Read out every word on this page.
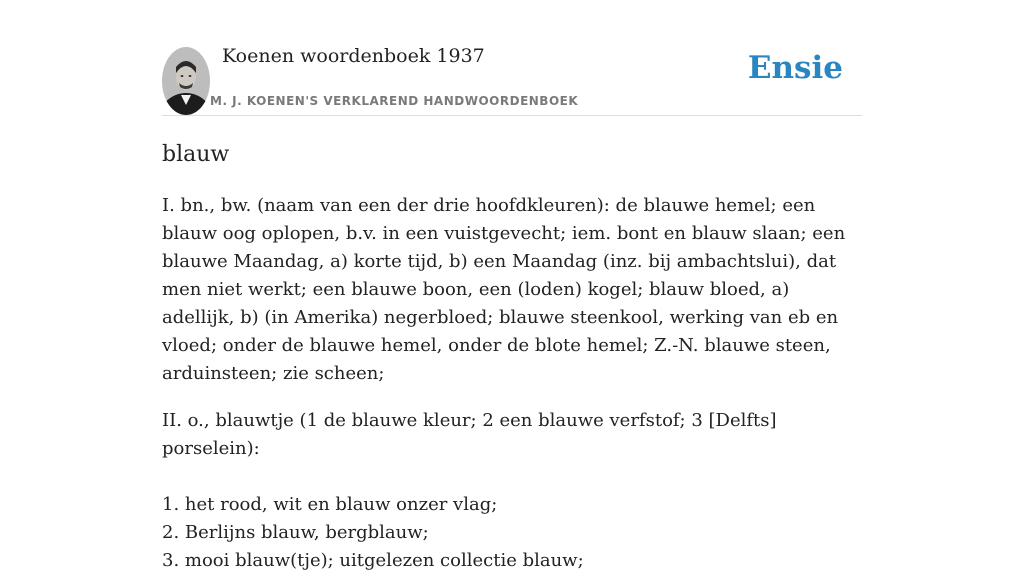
Koenen woordenboek 1937
M. J. KOENEN'S VERKLAREND HANDWOORDENBOEK
Ensie
blauw

I. bn., bw. (naam van een der drie hoofdkleuren): de blauwe hemel; een blauw oog oplopen, b.v. in een vuistgevecht; iem. bont en blauw slaan; een blauwe Maandag, a) korte tijd, b) een Maandag (inz. bij ambachtslui), dat men niet werkt; een blauwe boon, een (loden) kogel; blauw bloed, a) adellijk, b) (in Amerika) negerbloed; blauwe steenkool, werking van eb en vloed; onder de blauwe hemel, onder de blote hemel; Z.-N. blauwe steen, arduinsteen; zie scheen;

II. o., blauwtje (1 de blauwe kleur; 2 een blauwe verfstof; 3 [Delfts] porselein):

1. het rood, wit en blauw onzer vlag;
2. Berlijns blauw, bergblauw;
3. mooi blauw(tje); uitgelezen collectie blauw;
